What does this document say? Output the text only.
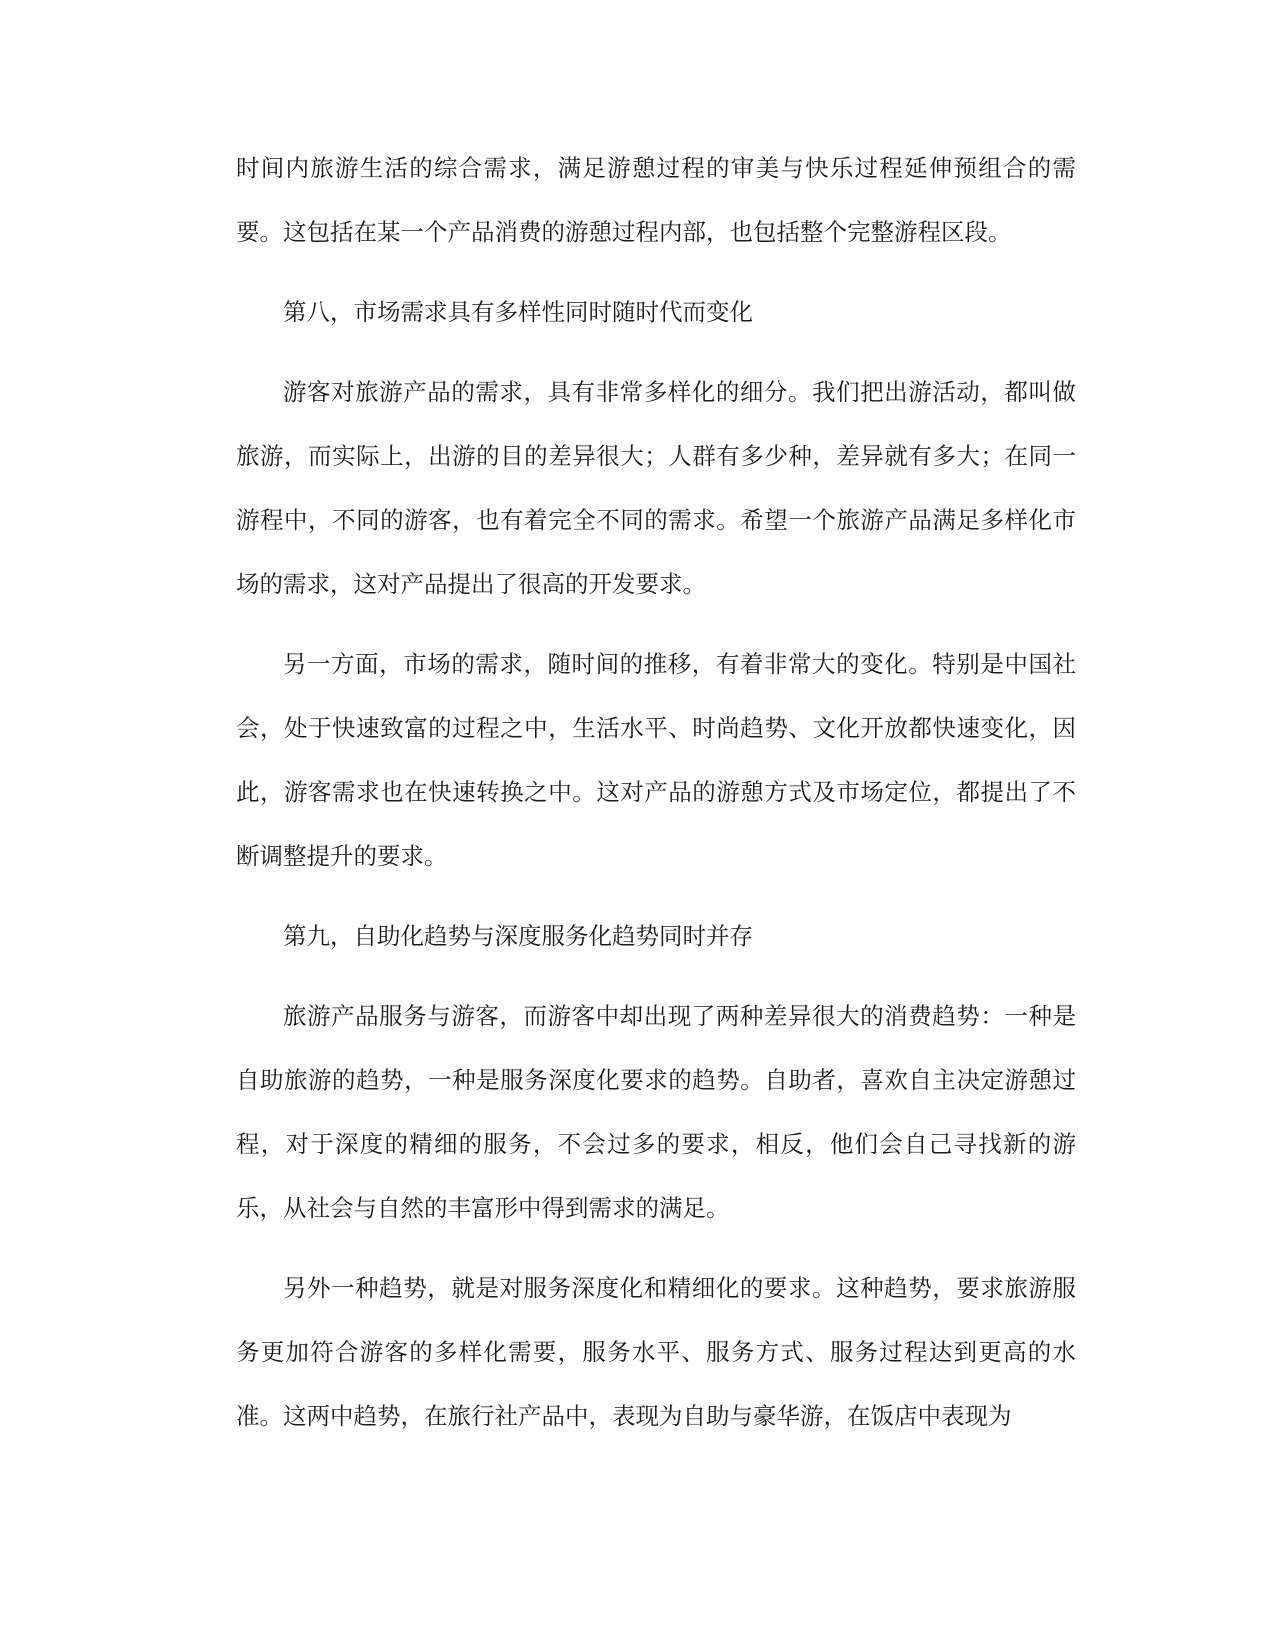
时间内旅游生活的综合需求，满足游憩过程的审美与快乐过程延伸预组合的需要。这包括在某一个产品消费的游憩过程内部，也包括整个完整游程区段。

第八，市场需求具有多样性同时随时代而变化

游客对旅游产品的需求，具有非常多样化的细分。我们把出游活动，都叫做旅游，而实际上，出游的目的差异很大；人群有多少种，差异就有多大；在同一游程中，不同的游客，也有着完全不同的需求。希望一个旅游产品满足多样化市场的需求，这对产品提出了很高的开发要求。

另一方面，市场的需求，随时间的推移，有着非常大的变化。特别是中国社会，处于快速致富的过程之中，生活水平、时尚趋势、文化开放都快速变化，因此，游客需求也在快速转换之中。这对产品的游憩方式及市场定位，都提出了不断调整提升的要求。

第九，自助化趋势与深度服务化趋势同时并存

旅游产品服务与游客，而游客中却出现了两种差异很大的消费趋势：一种是自助旅游的趋势，一种是服务深度化要求的趋势。自助者，喜欢自主决定游憩过程，对于深度的精细的服务，不会过多的要求，相反，他们会自己寻找新的游乐，从社会与自然的丰富形中得到需求的满足。

另外一种趋势，就是对服务深度化和精细化的要求。这种趋势，要求旅游服务更加符合游客的多样化需要，服务水平、服务方式、服务过程达到更高的水准。这两中趋势，在旅行社产品中，表现为自助与豪华游，在饭店中表现为
